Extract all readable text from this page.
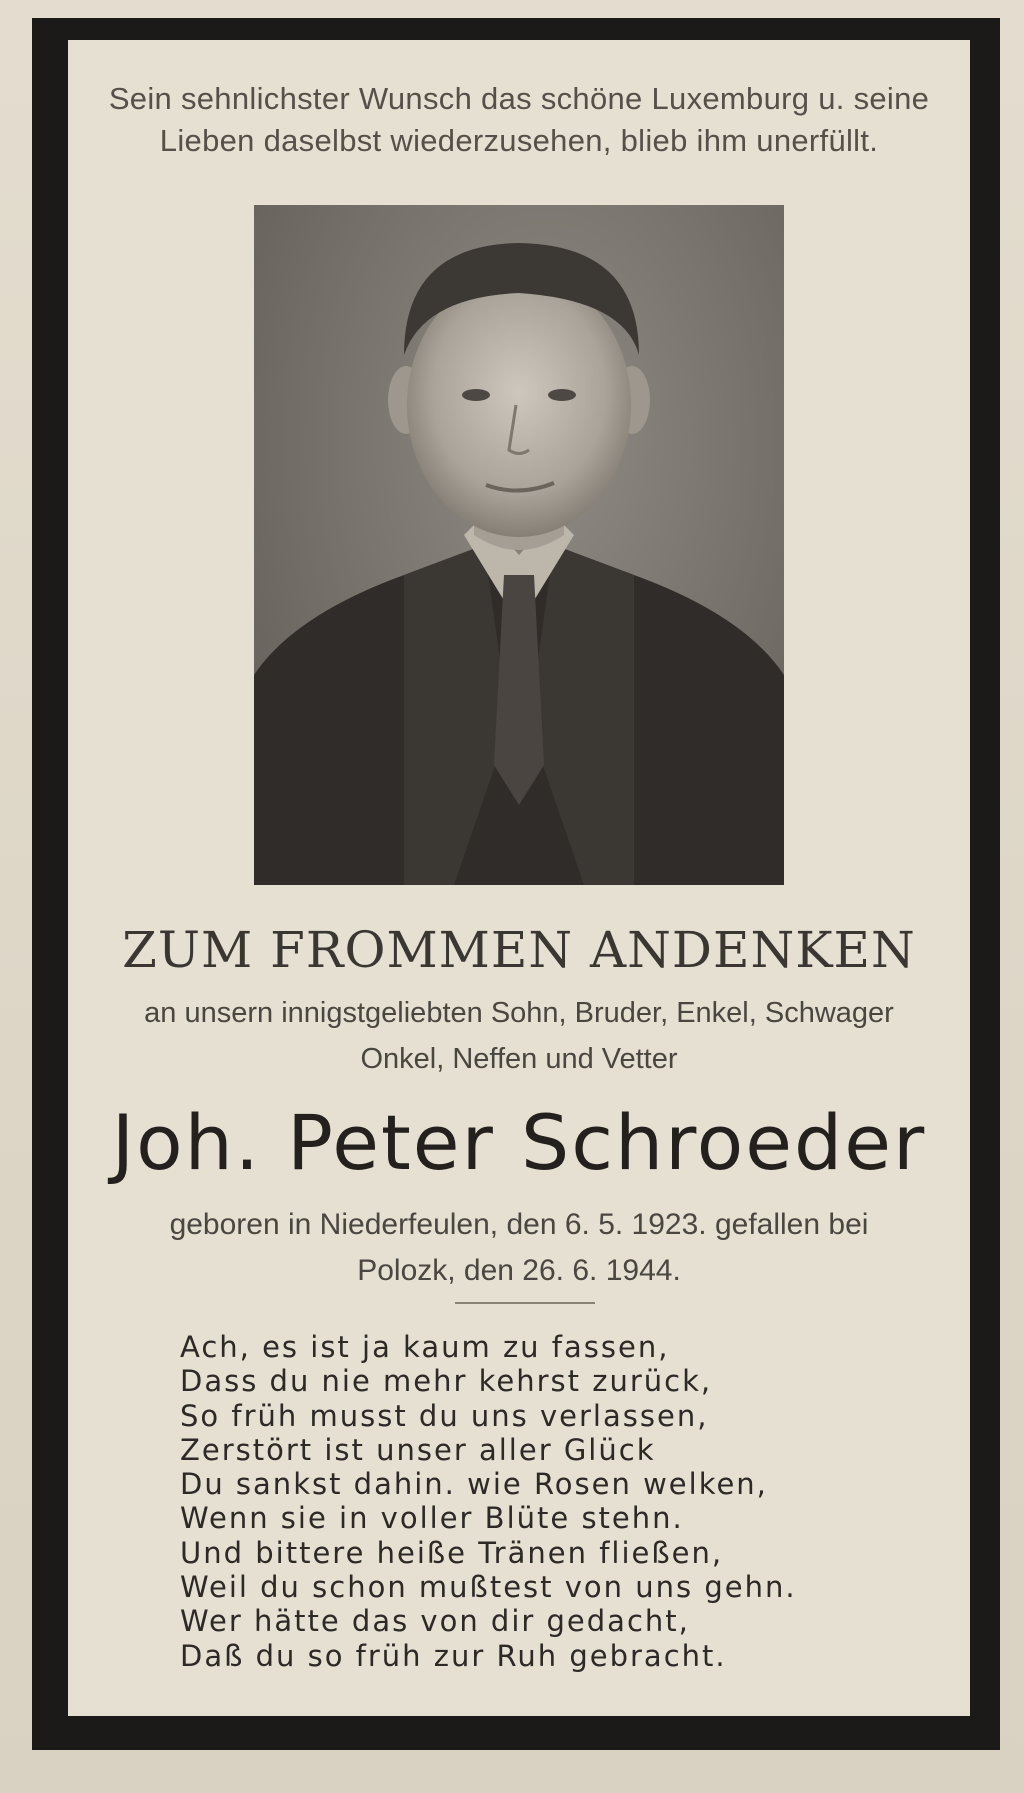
Sein sehnlichster Wunsch das schöne Luxemburg u. seine
Lieben daselbst wiederzusehen, blieb ihm unerfüllt.
ZUM FROMMEN ANDENKEN
an unsern innigstgeliebten Sohn, Bruder, Enkel, Schwager
Onkel, Neffen und Vetter
Joh. Peter Schroeder
geboren in Niederfeulen, den 6. 5. 1923. gefallen bei
Polozk, den 26. 6. 1944.
Ach, es ist ja kaum zu fassen,
Dass du nie mehr kehrst zurück,
So früh musst du uns verlassen,
Zerstört ist unser aller Glück
Du sankst dahin. wie Rosen welken,
Wenn sie in voller Blüte stehn.
Und bittere heiße Tränen fließen,
Weil du schon mußtest von uns gehn.
Wer hätte das von dir gedacht,
Daß du so früh zur Ruh gebracht.
